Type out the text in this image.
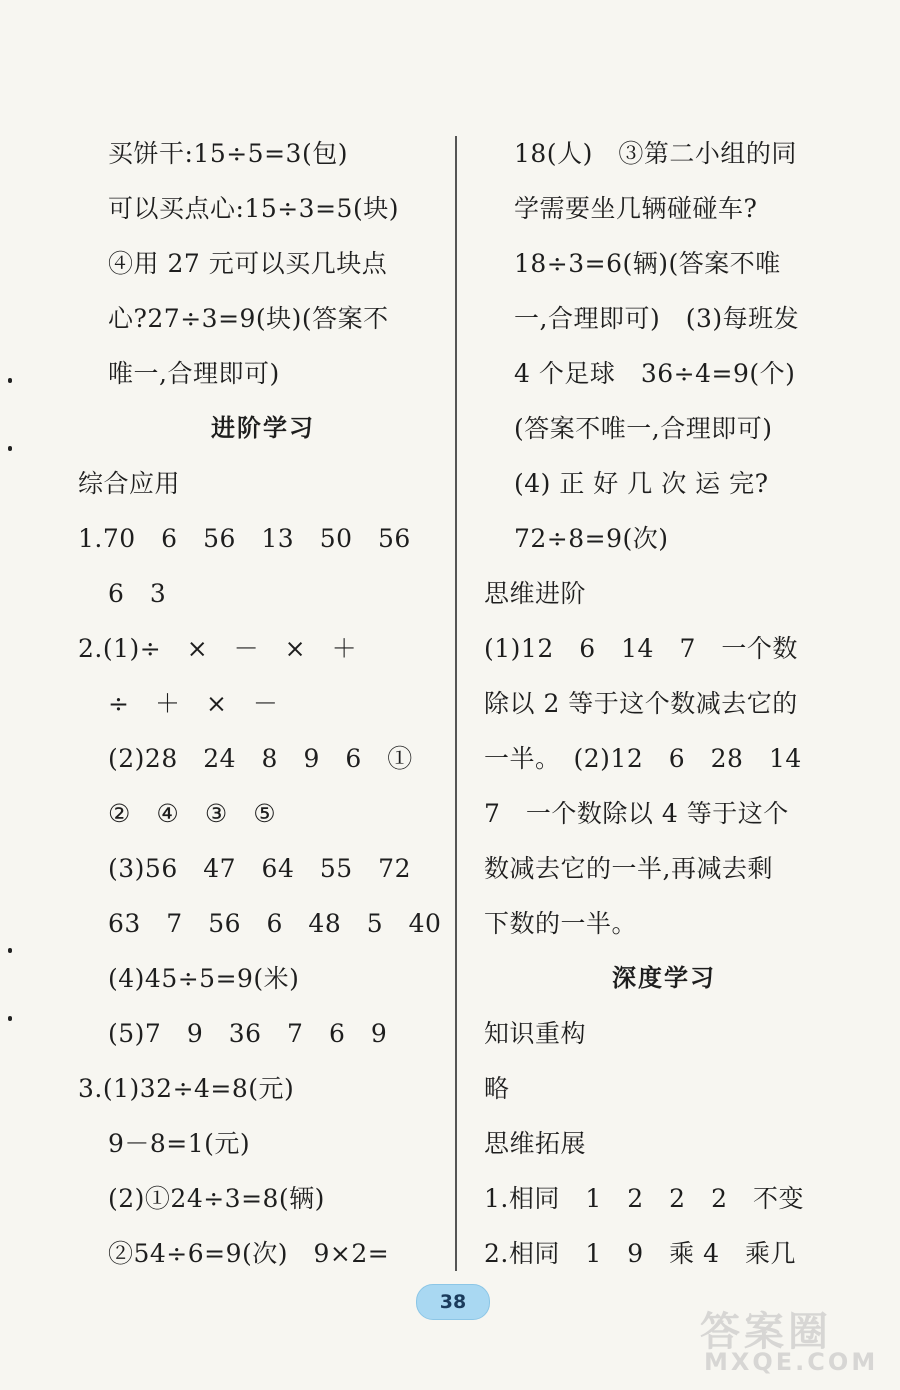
买饼干:15÷5=3(包)
可以买点心:15÷3=5(块)
④用 27 元可以买几块点
心?27÷3=9(块)(答案不
唯一,合理即可)
进阶学习
综合应用
1.70　6　56　13　50　56
6　3
2.(1)÷　×　－　×　＋
÷　＋　×　－
(2)28　24　8　9　6　①
②　④　③　⑤
(3)56　47　64　55　72
63　7　56　6　48　5　40
(4)45÷5=9(米)
(5)7　9　36　7　6　9
3.(1)32÷4=8(元)
9－8=1(元)
(2)①24÷3=8(辆)
②54÷6=9(次)　9×2=
18(人)　③第二小组的同
学需要坐几辆碰碰车?
18÷3=6(辆)(答案不唯
一,合理即可)　(3)每班发
4 个足球　36÷4=9(个)
(答案不唯一,合理即可)
(4) 正 好 几 次 运 完?
72÷8=9(次)
思维进阶
(1)12　6　14　7　一个数
除以 2 等于这个数减去它的
一半。　(2)12　6　28　14
7　一个数除以 4 等于这个
数减去它的一半,再减去剩
下数的一半。
深度学习
知识重构
略
思维拓展
1.相同　1　2　2　2　不变
2.相同　1　9　乘 4　乘几
38
答案圈
MXQE.COM
